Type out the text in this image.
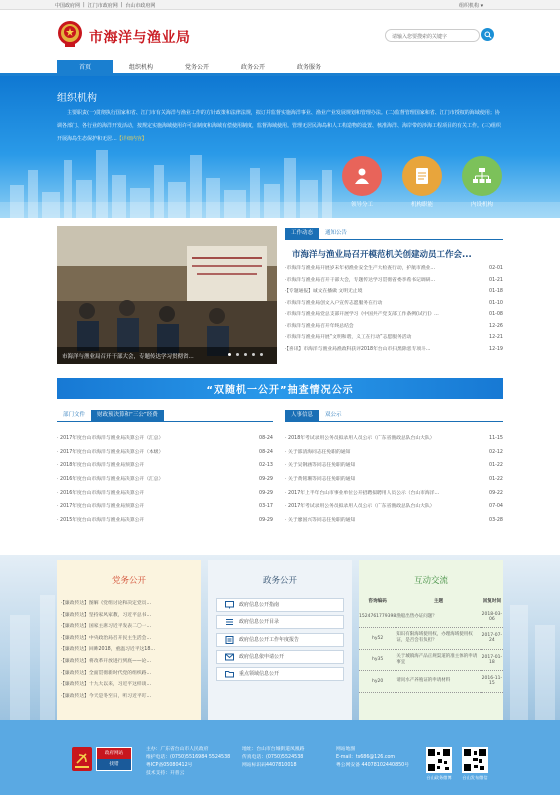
中国政府网 | 江门市政府网 | 台山市政府网	组织机构 ▾
市海洋与渔业局	请输入您要搜索的关键字
首页	组织机构	党务公开	政务公开	政务服务
组织机构

主要职责(一)贯彻执行国家和省、江门市有关海洋与渔业工作的方针政策和法律法规，拟订并监督实施海洋事业、渔业产业发展规划和管理办法。(二)监督管理国家和省、江门市授权的海域使用；协调各部门、各行业的海洋开发活动，按规定实施海域使用许可证制度和海域有偿使用制度，监督海域使用。管理无居民海岛和人工构造物的设置、核准海洋、海岸带的涉海工程项目的有关工作。(三)组织开展海岛生态保护和无居...【详细内容】

领导分工	机构职能	内设机构
市海洋与渔业局召开干部大会，专题传达学习贯彻省...
工作动态	通知公告
市海洋与渔业局召开模范机关创建动员工作会...
·市海洋与渔业局开展岁末年初渔业安全生产大检查行动，护航市渔业...	02-01
·市海洋与渔业局召开干部大会，专题传达学习贯彻省委李希书记调研...	01-21
·【专题通报】诚文在播做 文明无止境	01-18
·市海洋与渔业局创文入户宣传志愿服务在行动	01-10
·市海洋与渔业局党总支部开展学习《中国共产党支部工作条例(试行)》...	01-08
·市海洋与渔业局召开年终总结会	12-26
·市海洋与渔业局开展“文明和谐，义工在行动”志愿服务活动	12-21
·【喜讯】市海洋与渔业局渔政科获评2018年台山市扫黑除恶专项斗...	12-19
“双随机一公开”抽查情况公示
部门文件	财政预决算和“三公”经费
· 2017年度台山市海洋与渔业局决算公开（汇总）	08-24
· 2017年度台山市海洋与渔业局决算公开（本级）	08-24
· 2018年度台山市海洋与渔业局预算公开	02-13
· 2016年度台山市海洋与渔业局决算公开（汇总）	09-29
· 2016年度台山市海洋与渔业局决算公开	09-29
· 2017年度台山市海洋与渔业局预算公开	03-17
· 2015年度台山市海洋与渔业局决算公开	09-29
人事信息	双公示
· 2018年考试录用公务员拟录用人员公示（广东省渔政总队台山大队）	11-15
· 关于邵清海同志任免职的通知	02-12
· 关于吴钢涵等同志任免职的通知	01-22
· 关于黄铭珊等同志任免职的通知	01-22
· 2017年上半年台山市事业单位公开招聘拟聘用人员公示（台山市海洋...	09-22
· 2017年考试录用公务员拟录用人员公示（广东省渔政总队台山大队）	07-04
· 关于廖国兴等同志任免职的通知	03-28
党务公开
·【廉政传达】图解《党组讨论和决定党员...
·【廉政传达】坚持家风家教，习近平总书...
·【廉政传达】国家主席习近平发表二〇一...
·【廉政传达】中央政治局召开民主生活会...
·【廉政传达】回眸2018，重温习近平这18...
·【廉政传达】将改革开放进行到底——论...
·【廉政传达】全面贯彻新时代党的组织路...
·【廉政传达】十九大以来，习近平这样谈...
·【廉政传达】今天是冬至日，听习近平叮...
政务公开
政府信息公开指南
政府信息公开目录
政府信息公开工作年度报告
政府信息依申请公开
重点领域信息公开
互动交流
咨询编码	主题	回复时间
1524761779398	渔船出售办证问题？	2018-03-06
hy52	知识有限海域使用权，办理海域使用权证，是否会有负担？	2017-07-24
hy35	关于城镇海产品正规渠道的准主体的申请事宜	2017-01-18
hy20	请问水产养殖证的申请材料	2016-11-15
政府网站
找错
主办：广东省台山市人民政府
维护电话：(0750)5516984 5524538
粤ICP备05080412号
技术支持：开普云
地址：台山市台城街道凤凰路
传真电话：(0750)5524538
网站标识码4407810018
网站地图
E-mail：ts686@126.com
粤公网安备 44078102440850号
台山政务微博	台山发布微信
